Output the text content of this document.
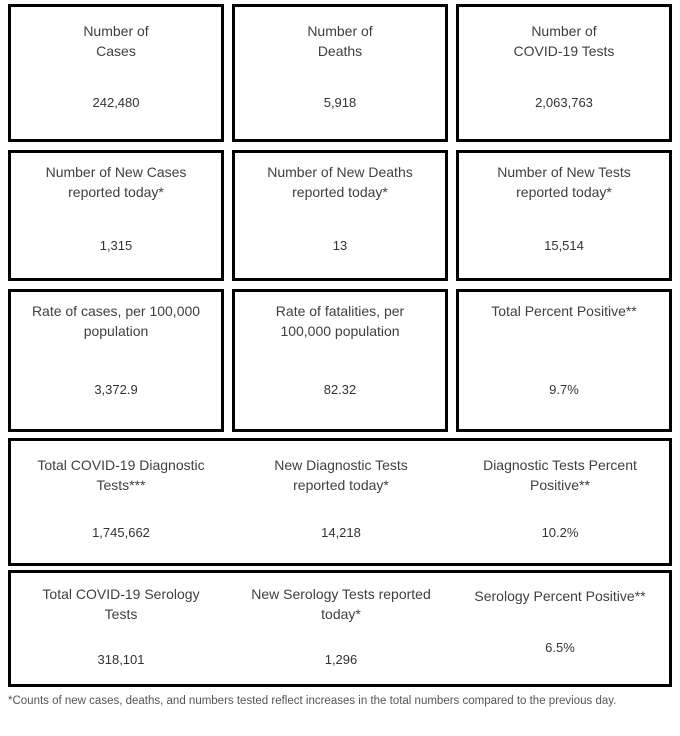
Number of
Cases
242,480
Number of
Deaths
5,918
Number of
COVID-19 Tests
2,063,763
Number of New Cases
reported today*
1,315
Number of New Deaths
reported today*
13
Number of New Tests
reported today*
15,514
Rate of cases, per 100,000
population
3,372.9
Rate of fatalities, per
100,000 population
82.32
Total Percent Positive**
9.7%
Total COVID-19 Diagnostic
Tests***
1,745,662
New Diagnostic Tests
reported today*
14,218
Diagnostic Tests Percent
Positive**
10.2%
Total COVID-19 Serology
Tests
318,101
New Serology Tests reported
today*
1,296
Serology Percent Positive**
6.5%
*Counts of new cases, deaths, and numbers tested reflect increases in the total numbers compared to the previous day.
